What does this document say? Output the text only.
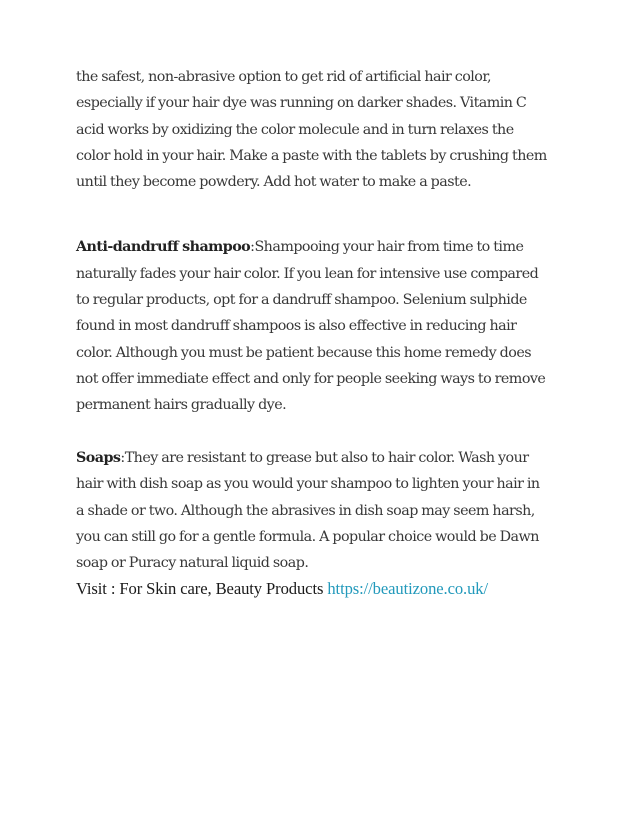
the safest, non-abrasive option to get rid of artificial hair color,
especially if your hair dye was running on darker shades. Vitamin C
acid works by oxidizing the color molecule and in turn relaxes the
color hold in your hair. Make a paste with the tablets by crushing them
until they become powdery. Add hot water to make a paste.
Anti-dandruff shampoo:Shampooing your hair from time to time
naturally fades your hair color. If you lean for intensive use compared
to regular products, opt for a dandruff shampoo. Selenium sulphide
found in most dandruff shampoos is also effective in reducing hair
color. Although you must be patient because this home remedy does
not offer immediate effect and only for people seeking ways to remove
permanent hairs gradually dye.
Soaps:They are resistant to grease but also to hair color. Wash your
hair with dish soap as you would your shampoo to lighten your hair in
a shade or two. Although the abrasives in dish soap may seem harsh,
you can still go for a gentle formula. A popular choice would be Dawn
soap or Puracy natural liquid soap.
Visit : For Skin care, Beauty Products https://beautizone.co.uk/
